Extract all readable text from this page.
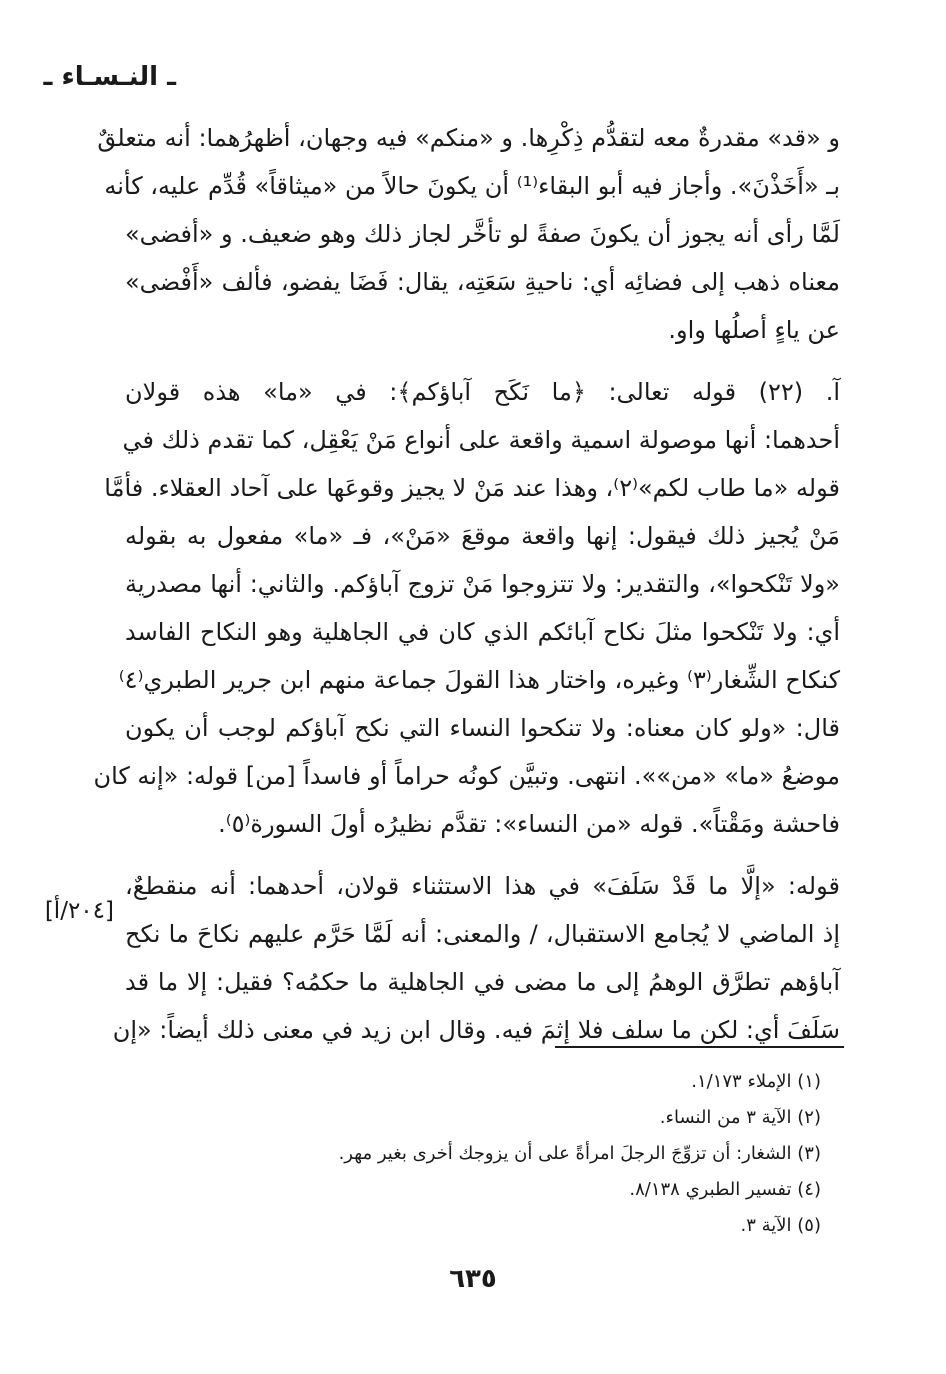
ـ النـسـاء ـ
و «قد» مقدرةٌ معه لتقدُّم ذِكْرِها. و «منكم» فيه وجهان، أظهرُهما: أنه متعلقٌ
بـ «أَخَذْنَ». وأجاز فيه أبو البقاء⁽¹⁾ أن يكونَ حالاً من «ميثاقاً» قُدِّم عليه، كأنه
لَمَّا رأى أنه يجوز أن يكونَ صفةً لو تأخَّر لجاز ذلك وهو ضعيف. و «أفضى»
معناه ذهب إلى فضائِه أي: ناحيةِ سَعَتِه، يقال: فَضَا يفضو، فألف «أَفْضى»
عن ياءٍ أصلُها واو.
آ. (٢٢) قوله تعالى: ﴿ما نَكَح آباؤكم﴾: في «ما» هذه قولان
أحدهما: أنها موصولة اسمية واقعة على أنواع مَنْ يَعْقِل، كما تقدم ذلك في
قوله «ما طاب لكم»⁽٢⁾، وهذا عند مَنْ لا يجيز وقوعَها على آحاد العقلاء. فأمَّا
مَنْ يُجيز ذلك فيقول: إنها واقعة موقعَ «مَنْ»، فـ «ما» مفعول به بقوله
«ولا تَنْكحوا»، والتقدير: ولا تتزوجوا مَنْ تزوج آباؤكم. والثاني: أنها مصدرية
أي: ولا تَنْكحوا مثلَ نكاح آبائكم الذي كان في الجاهلية وهو النكاح الفاسد
كنكاح الشِّغار⁽٣⁾ وغيره، واختار هذا القولَ جماعة منهم ابن جرير الطبري⁽٤⁾
قال: «ولو كان معناه: ولا تنكحوا النساء التي نكح آباؤكم لوجب أن يكون
موضعُ «ما» «من»». انتهى. وتبيَّن كونُه حراماً أو فاسداً [من] قوله: «إنه كان
فاحشة ومَقْتاً». قوله «من النساء»: تقدَّم نظيرُه أولَ السورة⁽٥⁾.
قوله: «إلَّا ما قَدْ سَلَفَ» في هذا الاستثناء قولان، أحدهما: أنه منقطعٌ،
إذ الماضي لا يُجامع الاستقبال، / والمعنى: أنه لَمَّا حَرَّم عليهم نكاحَ ما نكح
آباؤهم تطرَّق الوهمُ إلى ما مضى في الجاهلية ما حكمُه؟ فقيل: إلا ما قد
سَلَفَ أي: لكن ما سلف فلا إثمَ فيه. وقال ابن زيد في معنى ذلك أيضاً: «إن
[٢٠٤/أ]
(١) الإملاء ١/١٧٣.
(٢) الآية ٣ من النساء.
(٣) الشغار: أن تزوِّجَ الرجلَ امرأةً على أن يزوجك أخرى بغير مهر.
(٤) تفسير الطبري ٨/١٣٨.
(٥) الآية ٣.
٦٣٥
